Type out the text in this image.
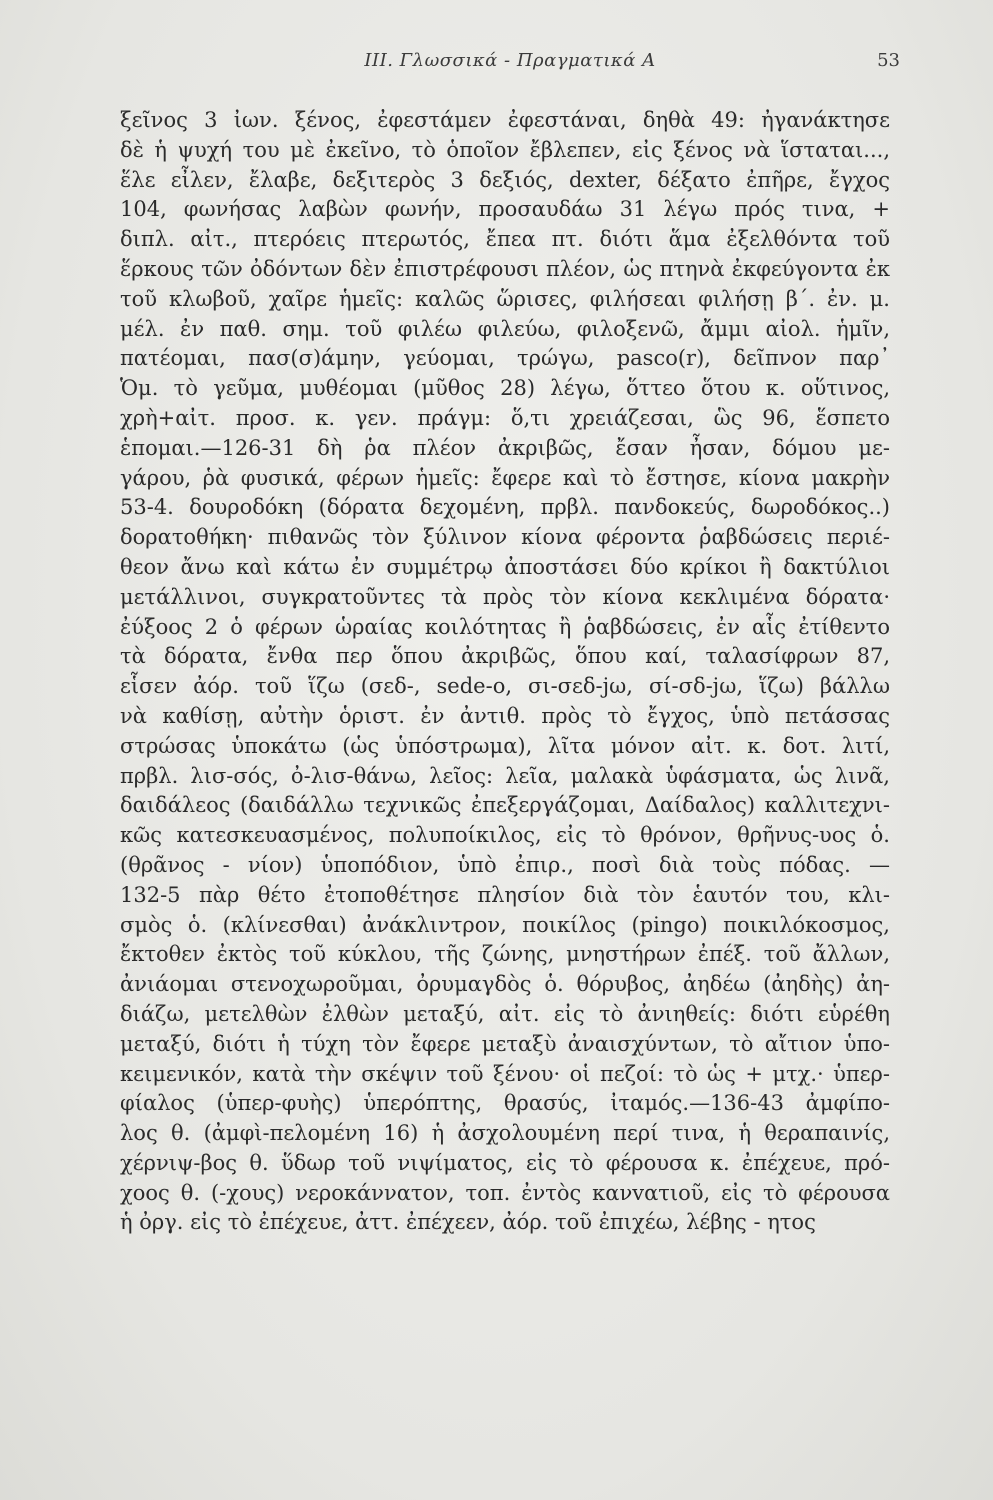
ΙΙΙ. Γλωσσικά - Πραγματικά Α	53
ξεῖνος 3 ἰων. ξένος, ἐφεστάμεν ἐφεστάναι, δηθὰ 49: ἠγανάκτησε
δὲ ἡ ψυχή του μὲ ἐκεῖνο, τὸ ὁποῖον ἔβλεπεν, εἰς ξένος νὰ ἵσταται...,
ἕλε εἶλεν, ἔλαβε, δεξιτερὸς 3 δεξιός, dexter, δέξατο ἐπῆρε, ἔγχος
104, φωνήσας λαβὼν φωνήν, προσαυδάω 31 λέγω πρός τινα, +
διπλ. αἰτ., πτερόεις πτερωτός, ἔπεα πτ. διότι ἅμα ἐξελθόντα τοῦ
ἕρκους τῶν ὀδόντων δὲν ἐπιστρέφουσι πλέον, ὡς πτηνὰ ἐκφεύγοντα ἐκ
τοῦ κλωβοῦ, χαῖρε ἡμεῖς: καλῶς ὥρισες, φιλήσεαι φιλήσῃ β΄. ἐν. μ.
μέλ. ἐν παθ. σημ. τοῦ φιλέω φιλεύω, φιλοξενῶ, ἄμμι αἰολ. ἡμῖν,
πατέομαι, πασ(σ)άμην, γεύομαι, τρώγω, pasco(r), δεῖπνον παρ᾽
Ὁμ. τὸ γεῦμα, μυθέομαι (μῦθος 28) λέγω, ὅττεο ὅτου κ. οὕτινος,
χρὴ+αἰτ. προσ. κ. γεν. πράγμ: ὅ,τι χρειάζεσαι, ὣς 96, ἕσπετο
ἑπομαι.—126-31 δὴ ῥα πλέον ἀκριβῶς, ἔσαν ἦσαν, δόμου με-
γάρου, ῥὰ φυσικά, φέρων ἡμεῖς: ἔφερε καὶ τὸ ἔστησε, κίονα μακρὴν
53-4. δουροδόκη (δόρατα δεχομένη, πρβλ. πανδοκεύς, δωροδόκος..)
δορατοθήκη· πιθανῶς τὸν ξύλινον κίονα φέροντα ῥαβδώσεις περιέ-
θεον ἄνω καὶ κάτω ἐν συμμέτρῳ ἀποστάσει δύο κρίκοι ἢ δακτύλιοι
μετάλλινοι, συγκρατοῦντες τὰ πρὸς τὸν κίονα κεκλιμένα δόρατα·
ἐύξοος 2 ὁ φέρων ὡραίας κοιλότητας ἢ ῥαβδώσεις, ἐν αἷς ἐτίθεντο
τὰ δόρατα, ἔνθα περ ὅπου ἀκριβῶς, ὅπου καί, ταλασίφρων 87,
εἷσεν ἀόρ. τοῦ ἵζω (σεδ-, sede-o, σι-σεδ-jω, σί-σδ-jω, ἵζω) βάλλω
νὰ καθίσῃ, αὐτὴν ὁριστ. ἐν ἀντιθ. πρὸς τὸ ἔγχος, ὑπὸ πετάσσας
στρώσας ὑποκάτω (ὡς ὑπόστρωμα), λῖτα μόνον αἰτ. κ. δοτ. λιτί,
πρβλ. λισ-σός, ὀ-λισ-θάνω, λεῖος: λεῖα, μαλακὰ ὑφάσματα, ὡς λινᾶ,
δαιδάλεος (δαιδάλλω τεχνικῶς ἐπεξεργάζομαι, Δαίδαλος) καλλιτεχνι-
κῶς κατεσκευασμένος, πολυποίκιλος, εἰς τὸ θρόνον, θρῆνυς-υος ὁ.
(θρᾶνος - νίον) ὑποπόδιον, ὑπὸ ἐπιρ., ποσὶ διὰ τοὺς πόδας. —
132-5 πὰρ θέτο ἐτοποθέτησε πλησίον διὰ τὸν ἑαυτόν του, κλι-
σμὸς ὁ. (κλίνεσθαι) ἀνάκλιντρον, ποικίλος (pingo) ποικιλόκοσμος,
ἔκτοθεν ἐκτὸς τοῦ κύκλου, τῆς ζώνης, μνηστήρων ἐπέξ. τοῦ ἄλλων,
ἀνιάομαι στενοχωροῦμαι, ὀρυμαγδὸς ὁ. θόρυβος, ἀηδέω (ἀηδὴς) ἀη-
διάζω, μετελθὼν ἐλθὼν μεταξύ, αἰτ. εἰς τὸ ἀνιηθείς: διότι εὑρέθη
μεταξύ, διότι ἡ τύχη τὸν ἔφερε μεταξὺ ἀναισχύντων, τὸ αἴτιον ὑπο-
κειμενικόν, κατὰ τὴν σκέψιν τοῦ ξένου· οἱ πεζοί: τὸ ὡς + μτχ.· ὑπερ-
φίαλος (ὑπερ-φυὴς) ὑπερόπτης, θρασύς, ἰταμός.—136-43 ἀμφίπο-
λος θ. (ἀμφὶ-πελομένη 16) ἡ ἀσχολουμένη περί τινα, ἡ θεραπαινίς,
χέρνιψ-βος θ. ὕδωρ τοῦ νιψίματος, εἰς τὸ φέρουσα κ. ἐπέχευε, πρό-
χοος θ. (-χους) νεροκάννατον, τοπ. ἐντὸς κανvατιοῦ, εἰς τὸ φέρουσα
ἡ ὀργ. εἰς τὸ ἐπέχευε, ἀττ. ἐπέχεεν, ἀόρ. τοῦ ἐπιχέω, λέβης - ητος
